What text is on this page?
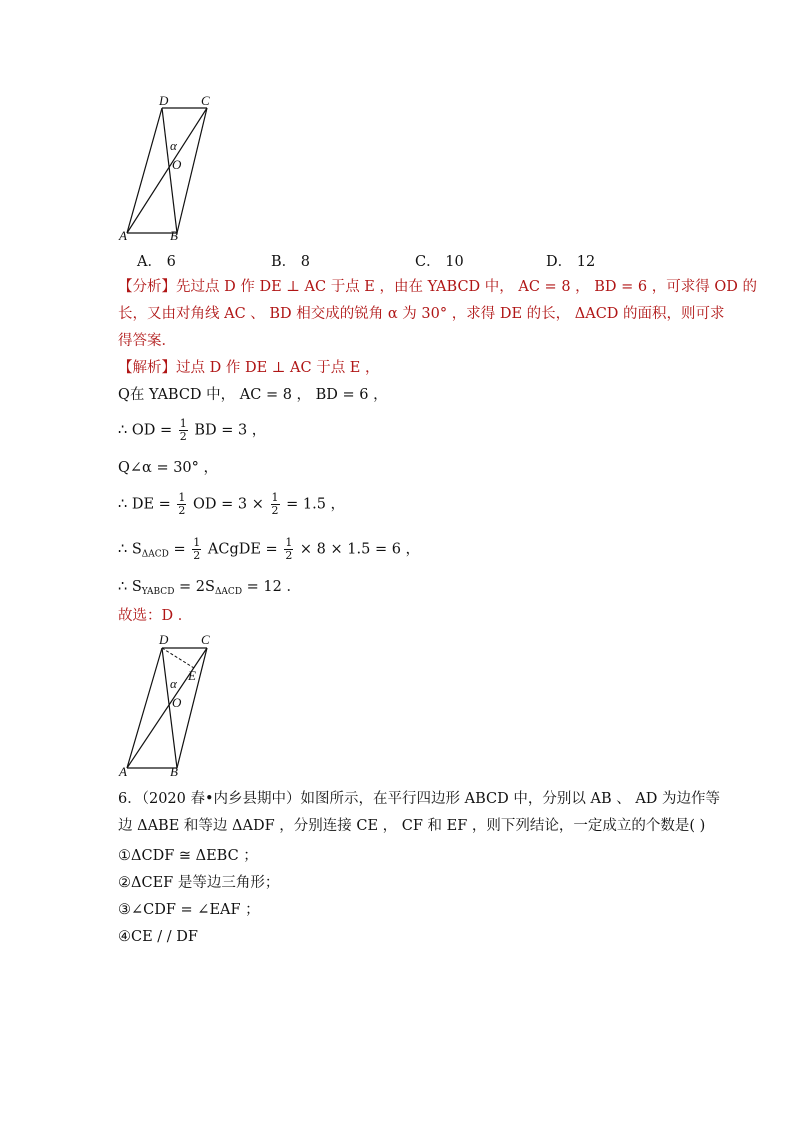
D	C
A	B
α
O
A． 6	B． 8	C． 10	D． 12
【分析】先过点 D 作 DE ⊥ AC 于点 E ，由在 YABCD 中， AC = 8 ， BD = 6 ，可求得 OD 的
长，又由对角线 AC 、 BD 相交成的锐角 α 为 30° ，求得 DE 的长， ΔACD 的面积，则可求
得答案．
【解析】过点 D 作 DE ⊥ AC 于点 E ，
Q在 YABCD 中， AC = 8 ， BD = 6 ，
∴ OD = $\frac{1}{2}$ BD = 3 ，
Q∠α = 30° ，
∴ DE = $\frac{1}{2}$ OD = $3 \times \frac{1}{2} = 1.5$ ，
∴ $S_{\Delta ACD} = \frac{1}{2}$ ACgDE = $\frac{1}{2} \times 8 \times 1.5 = 6$ ，
∴ $S_{YABCD} = 2S_{\Delta ACD} = 12$ ．
故选：D ．
D	C
E
A	B
α
O
6．（2020 春•内乡县期中）如图所示，在平行四边形 ABCD 中，分别以 AB 、 AD 为边作等
边 ΔABE 和等边 ΔADF ，分别连接 CE ， CF 和 EF ，则下列结论，一定成立的个数是( )
①ΔCDF ≅ ΔEBC ；
②ΔCEF 是等边三角形；
③∠CDF = ∠EAF ；
④CE / / DF
